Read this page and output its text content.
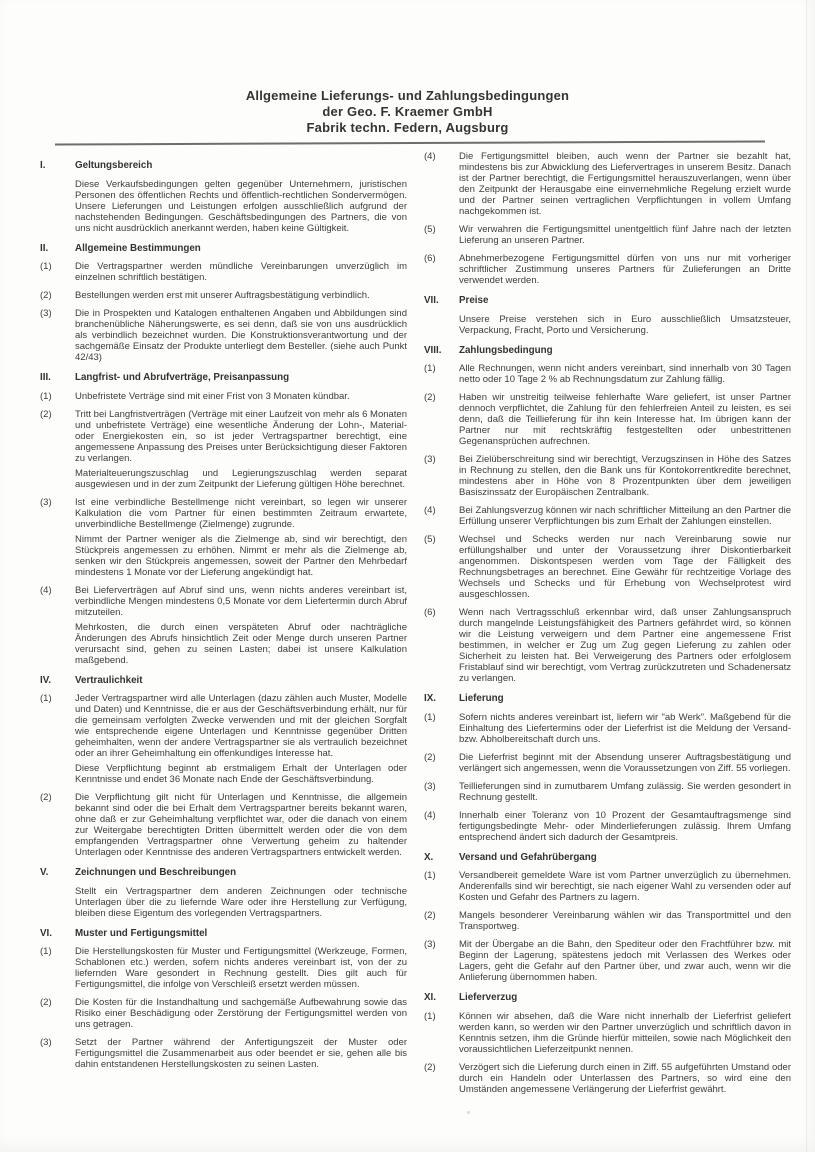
Allgemeine Lieferungs- und Zahlungsbedingungen
der Geo. F. Kraemer GmbH
Fabrik techn. Federn, Augsburg
I.	Geltungsbereich

Diese Verkaufsbedingungen gelten gegenüber Unternehmern, juristischen Personen des öffentlichen Rechts und öffentlich-rechtlichen Sondervermögen. Unsere Lieferungen und Leistungen erfolgen ausschließlich aufgrund der nachstehenden Bedingungen. Geschäftsbedingungen des Partners, die von uns nicht ausdrücklich anerkannt werden, haben keine Gültigkeit.

II.	Allgemeine Bestimmungen
(1)	Die Vertragspartner werden mündliche Vereinbarungen unverzüglich im einzelnen schriftlich bestätigen.

(2)	Bestellungen werden erst mit unserer Auftragsbestätigung verbindlich.

(3)	Die in Prospekten und Katalogen enthaltenen Angaben und Abbildungen sind branchenübliche Näherungswerte, es sei denn, daß sie von uns ausdrücklich als verbindlich bezeichnet wurden. Die Konstruktionsverantwortung und der sachgemäße Einsatz der Produkte unterliegt dem Besteller. (siehe auch Punkt 42/43)

III.	Langfrist- und Abrufverträge, Preisanpassung
(1)	Unbefristete Verträge sind mit einer Frist von 3 Monaten kündbar.

(2)	Tritt bei Langfristverträgen (Verträge mit einer Laufzeit von mehr als 6 Monaten und unbefristete Verträge) eine wesentliche Änderung der Lohn-, Material- oder Energiekosten ein, so ist jeder Vertragspartner berechtigt, eine angemessene Anpassung des Preises unter Berücksichtigung dieser Faktoren zu verlangen.

Materialteuerungszuschlag und Legierungszuschlag werden separat ausgewiesen und in der zum Zeitpunkt der Lieferung gültigen Höhe berechnet.

(3)	Ist eine verbindliche Bestellmenge nicht vereinbart, so legen wir unserer Kalkulation die vom Partner für einen bestimmten Zeitraum erwartete, unverbindliche Bestellmenge (Zielmenge) zugrunde.

Nimmt der Partner weniger als die Zielmenge ab, sind wir berechtigt, den Stückpreis angemessen zu erhöhen. Nimmt er mehr als die Zielmenge ab, senken wir den Stückpreis angemessen, soweit der Partner den Mehrbedarf mindestens 1 Monate vor der Lieferung angekündigt hat.

(4)	Bei Lieferverträgen auf Abruf sind uns, wenn nichts anderes vereinbart ist, verbindliche Mengen mindestens 0,5 Monate vor dem Liefertermin durch Abruf mitzuteilen.

Mehrkosten, die durch einen verspäteten Abruf oder nachträgliche Änderungen des Abrufs hinsichtlich Zeit oder Menge durch unseren Partner verursacht sind, gehen zu seinen Lasten; dabei ist unsere Kalkulation maßgebend.

IV.	Vertraulichkeit
(1)	Jeder Vertragspartner wird alle Unterlagen (dazu zählen auch Muster, Modelle und Daten) und Kenntnisse, die er aus der Geschäftsverbindung erhält, nur für die gemeinsam verfolgten Zwecke verwenden und mit der gleichen Sorgfalt wie entsprechende eigene Unterlagen und Kenntnisse gegenüber Dritten geheimhalten, wenn der andere Vertragspartner sie als vertraulich bezeichnet oder an ihrer Geheimhaltung ein offenkundiges Interesse hat.

Diese Verpflichtung beginnt ab erstmaligem Erhalt der Unterlagen oder Kenntnisse und endet 36 Monate nach Ende der Geschäftsverbindung.

(2)	Die Verpflichtung gilt nicht für Unterlagen und Kenntnisse, die allgemein bekannt sind oder die bei Erhalt dem Vertragspartner bereits bekannt waren, ohne daß er zur Geheimhaltung verpflichtet war, oder die danach von einem zur Weitergabe berechtigten Dritten übermittelt werden oder die von dem empfangenden Vertragspartner ohne Verwertung geheim zu haltender Unterlagen oder Kenntnisse des anderen Vertragspartners entwickelt werden.

V.	Zeichnungen und Beschreibungen

Stellt ein Vertragspartner dem anderen Zeichnungen oder technische Unterlagen über die zu liefernde Ware oder ihre Herstellung zur Verfügung, bleiben diese Eigentum des vorlegenden Vertragspartners.

VI.	Muster und Fertigungsmittel
(1)	Die Herstellungskosten für Muster und Fertigungsmittel (Werkzeuge, Formen, Schablonen etc.) werden, sofern nichts anderes vereinbart ist, von der zu liefernden Ware gesondert in Rechnung gestellt. Dies gilt auch für Fertigungsmittel, die infolge von Verschleiß ersetzt werden müssen.

(2)	Die Kosten für die Instandhaltung und sachgemäße Aufbewahrung sowie das Risiko einer Beschädigung oder Zerstörung der Fertigungsmittel werden von uns getragen.

(3)	Setzt der Partner während der Anfertigungszeit der Muster oder Fertigungsmittel die Zusammenarbeit aus oder beendet er sie, gehen alle bis dahin entstandenen Herstellungskosten zu seinen Lasten.

(4)	Die Fertigungsmittel bleiben, auch wenn der Partner sie bezahlt hat, mindestens bis zur Abwicklung des Liefervertrages in unserem Besitz. Danach ist der Partner berechtigt, die Fertigungsmittel herauszuverlangen, wenn über den Zeitpunkt der Herausgabe eine einvernehmliche Regelung erzielt wurde und der Partner seinen vertraglichen Verpflichtungen in vollem Umfang nachgekommen ist.

(5)	Wir verwahren die Fertigungsmittel unentgeltlich fünf Jahre nach der letzten Lieferung an unseren Partner.

(6)	Abnehmerbezogene Fertigungsmittel dürfen von uns nur mit vorheriger schriftlicher Zustimmung unseres Partners für Zulieferungen an Dritte verwendet werden.

VII.	Preise

Unsere Preise verstehen sich in Euro ausschließlich Umsatzsteuer, Verpackung, Fracht, Porto und Versicherung.

VIII.	Zahlungsbedingung
(1)	Alle Rechnungen, wenn nicht anders vereinbart, sind innerhalb von 30 Tagen netto oder 10 Tage 2 % ab Rechnungsdatum zur Zahlung fällig.

(2)	Haben wir unstreitig teilweise fehlerhafte Ware geliefert, ist unser Partner dennoch verpflichtet, die Zahlung für den fehlerfreien Anteil zu leisten, es sei denn, daß die Teillieferung für ihn kein Interesse hat. Im übrigen kann der Partner nur mit rechtskräftig festgestellten oder unbestrittenen Gegenansprüchen aufrechnen.

(3)	Bei Zielüberschreitung sind wir berechtigt, Verzugszinsen in Höhe des Satzes in Rechnung zu stellen, den die Bank uns für Kontokorrentkredite berechnet, mindestens aber in Höhe von 8 Prozentpunkten über dem jeweiligen Basiszinssatz der Europäischen Zentralbank.

(4)	Bei Zahlungsverzug können wir nach schriftlicher Mitteilung an den Partner die Erfüllung unserer Verpflichtungen bis zum Erhalt der Zahlungen einstellen.

(5)	Wechsel und Schecks werden nur nach Vereinbarung sowie nur erfüllungshalber und unter der Voraussetzung ihrer Diskontierbarkeit angenommen. Diskontspesen werden vom Tage der Fälligkeit des Rechnungsbetrages an berechnet. Eine Gewähr für rechtzeitige Vorlage des Wechsels und Schecks und für Erhebung von Wechselprotest wird ausgeschlossen.

(6)	Wenn nach Vertragsschluß erkennbar wird, daß unser Zahlungsanspruch durch mangelnde Leistungsfähigkeit des Partners gefährdet wird, so können wir die Leistung verweigern und dem Partner eine angemessene Frist bestimmen, in welcher er Zug um Zug gegen Lieferung zu zahlen oder Sicherheit zu leisten hat. Bei Verweigerung des Partners oder erfolglosem Fristablauf sind wir berechtigt, vom Vertrag zurückzutreten und Schadenersatz zu verlangen.

IX.	Lieferung
(1)	Sofern nichts anderes vereinbart ist, liefern wir "ab Werk". Maßgebend für die Einhaltung des Liefertermins oder der Lieferfrist ist die Meldung der Versand- bzw. Abholbereitschaft durch uns.

(2)	Die Lieferfrist beginnt mit der Absendung unserer Auftragsbestätigung und verlängert sich angemessen, wenn die Voraussetzungen von Ziff. 55 vorliegen.

(3)	Teillieferungen sind in zumutbarem Umfang zulässig. Sie werden gesondert in Rechnung gestellt.

(4)	Innerhalb einer Toleranz von 10 Prozent der Gesamtauftragsmenge sind fertigungsbedingte Mehr- oder Minderlieferungen zulässig. Ihrem Umfang entsprechend ändert sich dadurch der Gesamtpreis.

X.	Versand und Gefahrübergang
(1)	Versandbereit gemeldete Ware ist vom Partner unverzüglich zu übernehmen. Anderenfalls sind wir berechtigt, sie nach eigener Wahl zu versenden oder auf Kosten und Gefahr des Partners zu lagern.

(2)	Mangels besonderer Vereinbarung wählen wir das Transportmittel und den Transportweg.

(3)	Mit der Übergabe an die Bahn, den Spediteur oder den Frachtführer bzw. mit Beginn der Lagerung, spätestens jedoch mit Verlassen des Werkes oder Lagers, geht die Gefahr auf den Partner über, und zwar auch, wenn wir die Anlieferung übernommen haben.

XI.	Lieferverzug
(1)	Können wir absehen, daß die Ware nicht innerhalb der Lieferfrist geliefert werden kann, so werden wir den Partner unverzüglich und schriftlich davon in Kenntnis setzen, ihm die Gründe hierfür mitteilen, sowie nach Möglichkeit den voraussichtlichen Lieferzeitpunkt nennen.

(2)	Verzögert sich die Lieferung durch einen in Ziff. 55 aufgeführten Umstand oder durch ein Handeln oder Unterlassen des Partners, so wird eine den Umständen angemessene Verlängerung der Lieferfrist gewährt.
